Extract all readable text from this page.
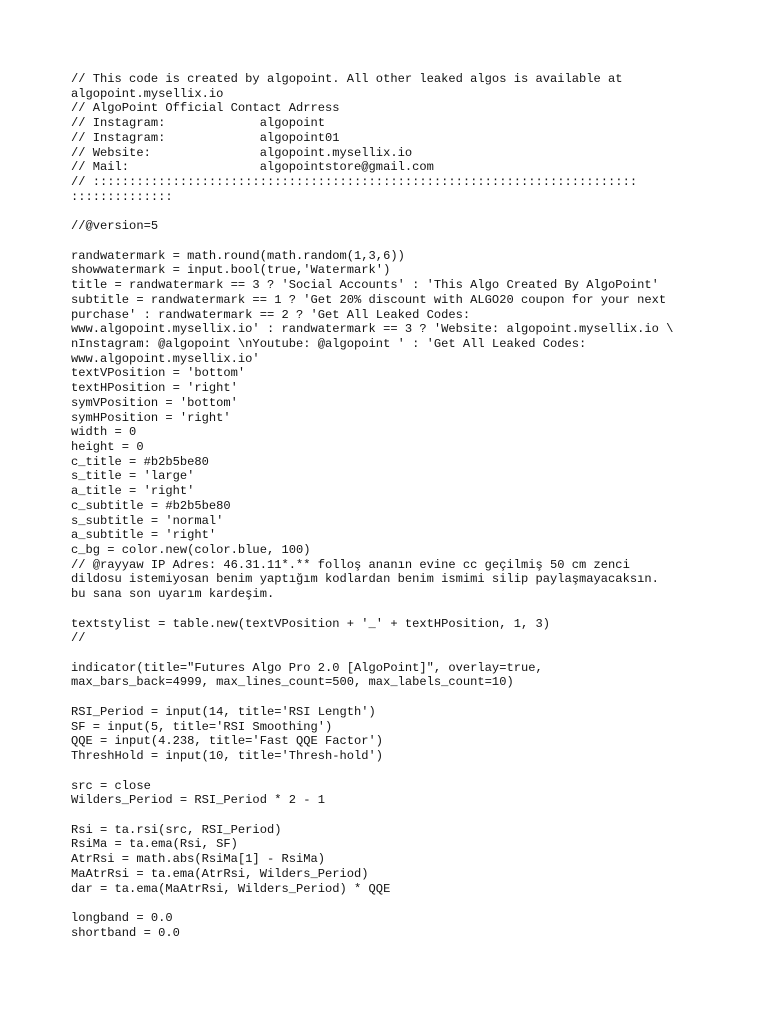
// This code is created by algopoint. All other leaked algos is available at
algopoint.mysellix.io
// AlgoPoint Official Contact Adrress
// Instagram:             algopoint
// Instagram:             algopoint01
// Website:               algopoint.mysellix.io
// Mail:                  algopointstore@gmail.com
// :::::::::::::::::::::::::::::::::::::::::::::::::::::::::::::::::::::::::::
::::::::::::::
//@version=5
randwatermark = math.round(math.random(1,3,6))
showwatermark = input.bool(true,'Watermark')
title = randwatermark == 3 ? 'Social Accounts' : 'This Algo Created By AlgoPoint'
subtitle = randwatermark == 1 ? 'Get 20% discount with ALGO20 coupon for your next
purchase' : randwatermark == 2 ? 'Get All Leaked Codes:
www.algopoint.mysellix.io' : randwatermark == 3 ? 'Website: algopoint.mysellix.io \
nInstagram: @algopoint \nYoutube: @algopoint ' : 'Get All Leaked Codes:
www.algopoint.mysellix.io'
textVPosition = 'bottom'
textHPosition = 'right'
symVPosition = 'bottom'
symHPosition = 'right'
width = 0
height = 0
c_title = #b2b5be80
s_title = 'large'
a_title = 'right'
c_subtitle = #b2b5be80
s_subtitle = 'normal'
a_subtitle = 'right'
c_bg = color.new(color.blue, 100)
// @rayyaw IP Adres: 46.31.11*.** folloş ananın evine cc geçilmiş 50 cm zenci
dildosu istemiyosan benim yaptığım kodlardan benim ismimi silip paylaşmayacaksın.
bu sana son uyarım kardeşim.
textstylist = table.new(textVPosition + '_' + textHPosition, 1, 3)
//
indicator(title="Futures Algo Pro 2.0 [AlgoPoint]", overlay=true,
max_bars_back=4999, max_lines_count=500, max_labels_count=10)
RSI_Period = input(14, title='RSI Length')
SF = input(5, title='RSI Smoothing')
QQE = input(4.238, title='Fast QQE Factor')
ThreshHold = input(10, title='Thresh-hold')
src = close
Wilders_Period = RSI_Period * 2 - 1
Rsi = ta.rsi(src, RSI_Period)
RsiMa = ta.ema(Rsi, SF)
AtrRsi = math.abs(RsiMa[1] - RsiMa)
MaAtrRsi = ta.ema(AtrRsi, Wilders_Period)
dar = ta.ema(MaAtrRsi, Wilders_Period) * QQE
longband = 0.0
shortband = 0.0
